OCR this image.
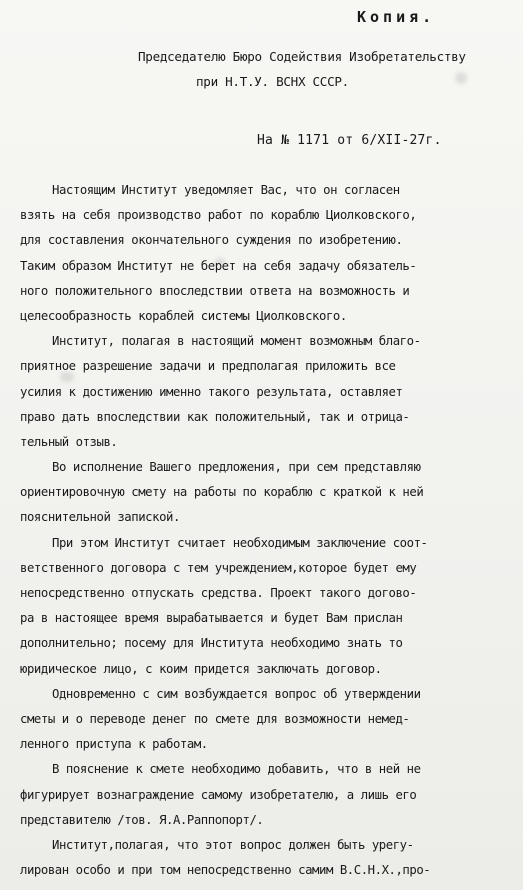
Копия.
Председателю Бюро Содействия Изобретательству
при Н.Т.У. ВСНХ СССР.
На № 1171 от 6/XII-27г.
Настоящим Институт уведомляет Вас, что он согласен
взять на себя производство работ по кораблю Циолковского,
для составления окончательного суждения по изобретению.
Таким образом Институт не берет на себя задачу обязатель-
ного положительного впоследствии ответа на возможность и
целесообразность кораблей системы Циолковского.
Институт, полагая в настоящий момент возможным благо-
приятное разрешение задачи и предполагая приложить все
усилия к достижению именно такого результата, оставляет
право дать впоследствии как положительный, так и отрица-
тельный отзыв.
Во исполнение Вашего предложения, при сем представляю
ориентировочную смету на работы по кораблю с краткой к ней
пояснительной запиской.
При этом Институт считает необходимым заключение соот-
ветственного договора с тем учреждением,которое будет ему
непосредственно отпускать средства. Проект такого догово-
ра в настоящее время вырабатывается и будет Вам прислан
дополнительно; посему для Института необходимо знать то
юридическое лицо, с коим придется заключать договор.
Одновременно с сим возбуждается вопрос об утверждении
сметы и о переводе денег по смете для возможности немед-
ленного приступа к работам.
В пояснение к смете необходимо добавить, что в ней не
фигурирует вознаграждение самому изобретателю, а лишь его
представителю /тов. Я.А.Раппопорт/.
Институт,полагая, что этот вопрос должен быть урегу-
лирован особо и при том непосредственно самим В.С.Н.Х.,про-
